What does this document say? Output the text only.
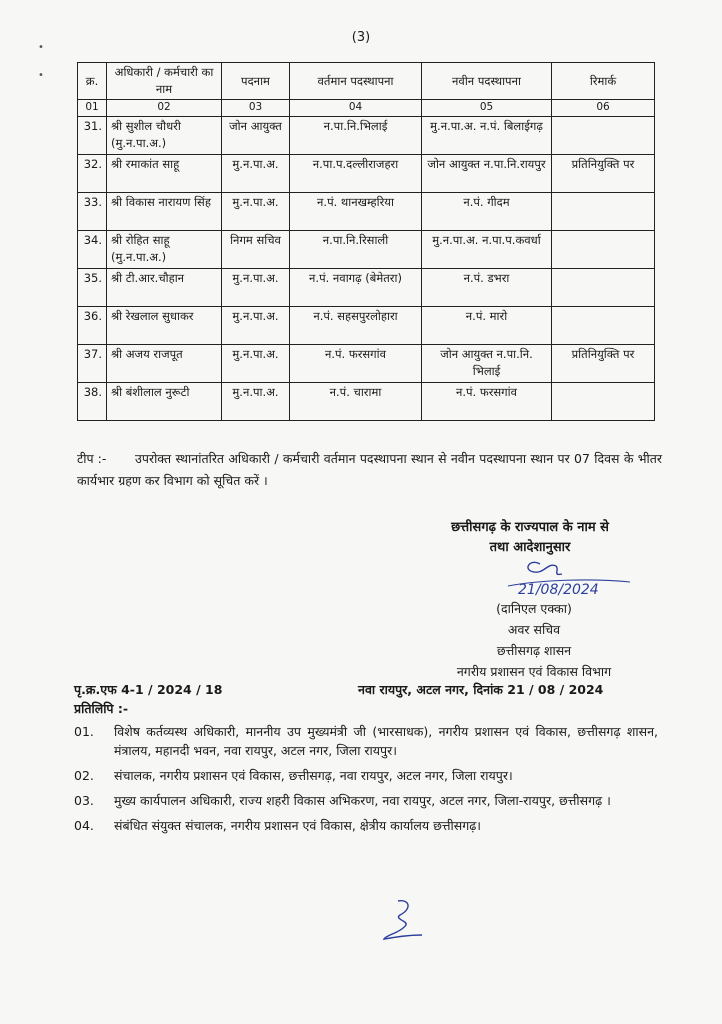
(3)
•
•	क्र.	अधिकारी / कर्मचारी का नाम	पदनाम	वर्तमान पदस्थापना	नवीन पदस्थापना	रिमार्क
01	02	03	04	05	06
31.	श्री सुशील चौधरी (मु.न.पा.अ.)	जोन आयुक्त	न.पा.नि.भिलाई	मु.न.पा.अ. न.पं. बिलाईगढ़	
32.	श्री रमाकांत साहू	मु.न.पा.अ.	न.पा.प.दल्लीराजहरा	जोन आयुक्त न.पा.नि.रायपुर	प्रतिनियुक्ति पर
33.	श्री विकास नारायण सिंह	मु.न.पा.अ.	न.पं. थानखम्हरिया	न.पं. गीदम	
34.	श्री रोहित साहू (मु.न.पा.अ.)	निगम सचिव	न.पा.नि.रिसाली	मु.न.पा.अ. न.पा.प.कवर्धा	
35.	श्री टी.आर.चौहान	मु.न.पा.अ.	न.पं. नवागढ़ (बेमेतरा)	न.पं. डभरा	
36.	श्री रेखलाल सुधाकर	मु.न.पा.अ.	न.पं. सहसपुरलोहारा	न.पं. मारो	
37.	श्री अजय राजपूत	मु.न.पा.अ.	न.पं. फरसगांव	जोन आयुक्त न.पा.नि. भिलाई	प्रतिनियुक्ति पर
38.	श्री बंशीलाल नुरूटी	मु.न.पा.अ.	न.पं. चारामा	न.पं. फरसगांव	
टीप :- उपरोक्त स्थानांतरित अधिकारी / कर्मचारी वर्तमान पदस्थापना स्थान से नवीन पदस्थापना स्थान पर 07 दिवस के भीतर कार्यभार ग्रहण कर विभाग को सूचित करें ।
छत्तीसगढ़ के राज्यपाल के नाम से
तथा आदेशानुसार
21/08/2024
(दानिएल एक्का)
अवर सचिव
छत्तीसगढ़ शासन
नगरीय प्रशासन एवं विकास विभाग
पृ.क्र.एफ 4-1 / 2024 / 18	नवा रायपुर, अटल नगर, दिनांक 21 / 08 / 2024
प्रतिलिपि :-
01.	विशेष कर्तव्यस्थ अधिकारी, माननीय उप मुख्यमंत्री जी (भारसाधक), नगरीय प्रशासन एवं विकास, छत्तीसगढ़ शासन, मंत्रालय, महानदी भवन, नवा रायपुर, अटल नगर, जिला रायपुर।
02.	संचालक, नगरीय प्रशासन एवं विकास, छत्तीसगढ़, नवा रायपुर, अटल नगर, जिला रायपुर।
03.	मुख्य कार्यपालन अधिकारी, राज्य शहरी विकास अभिकरण, नवा रायपुर, अटल नगर, जिला-रायपुर, छत्तीसगढ़ ।
04.	संबंधित संयुक्त संचालक, नगरीय प्रशासन एवं विकास, क्षेत्रीय कार्यालय छत्तीसगढ़।
